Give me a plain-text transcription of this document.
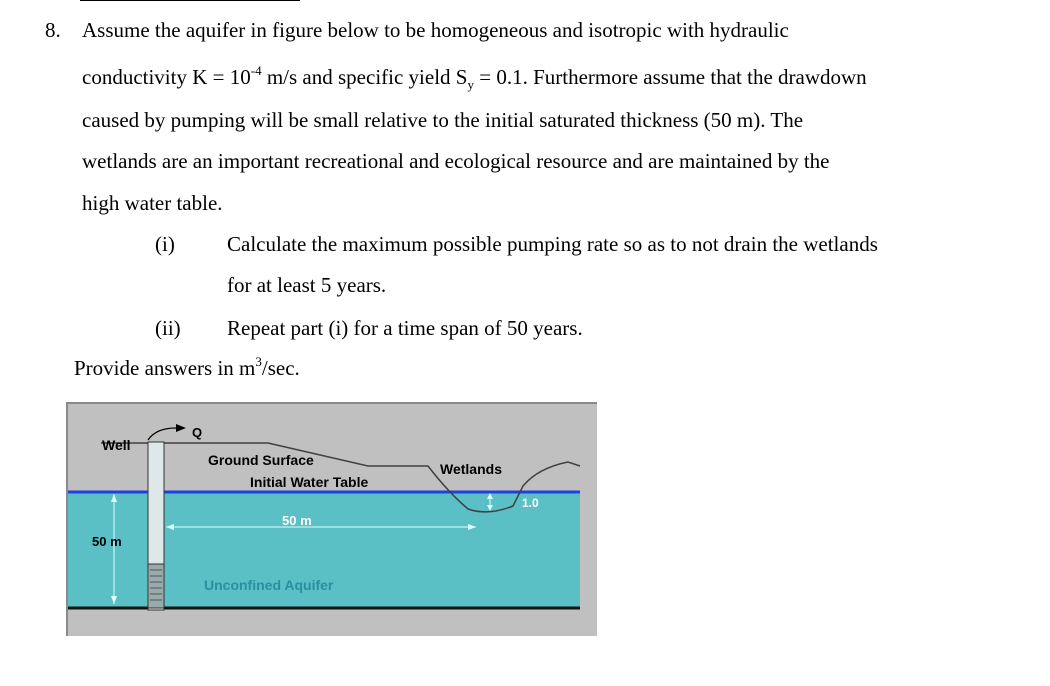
8. Assume the aquifer in figure below to be homogeneous and isotropic with hydraulic
conductivity $K = 10^{-4}$ m/s and specific yield $S_y = 0.1$. Furthermore assume that the drawdown
caused by pumping will be small relative to the initial saturated thickness (50 m). The
wetlands are an important recreational and ecological resource and are maintained by the
high water table.
(i) Calculate the maximum possible pumping rate so as to not drain the wetlands
for at least 5 years.
(ii) Repeat part (i) for a time span of 50 years.
Provide answers in $m^3/\sec$.
Well
Q
Ground Surface
Initial Water Table
Wetlands
1.0
50 m
50 m
Unconfined Aquifer
